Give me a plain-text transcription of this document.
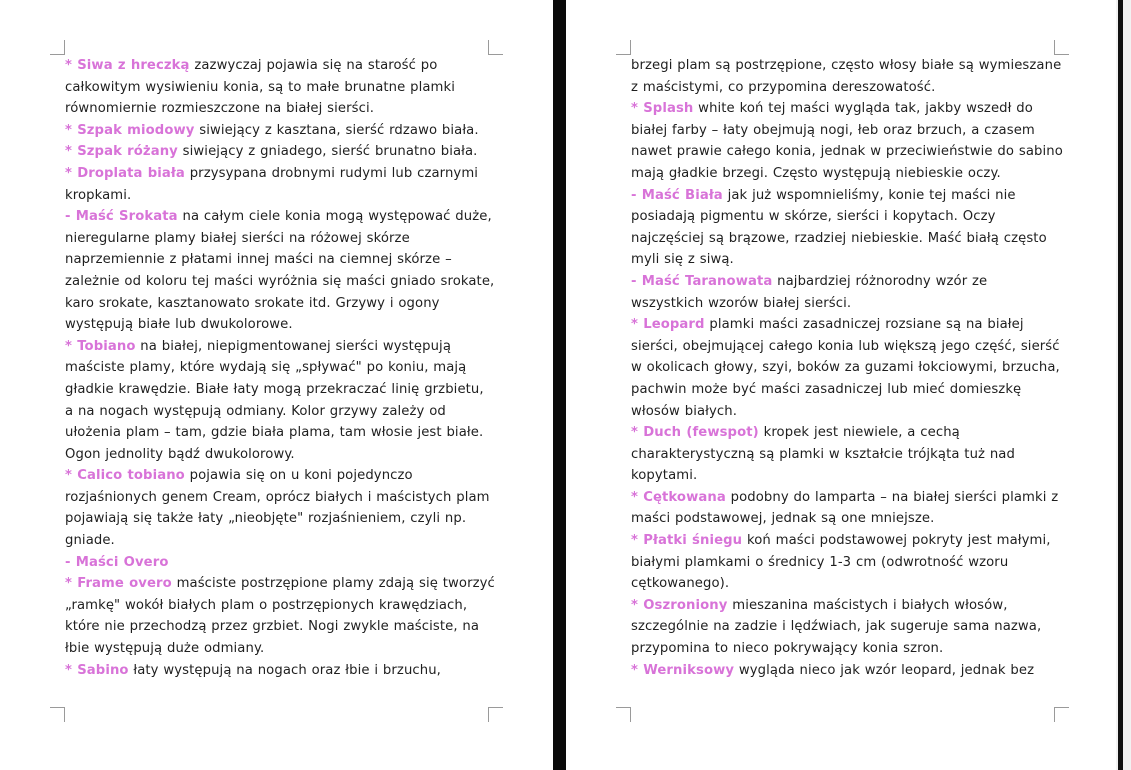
* Siwa z hreczką zazwyczaj pojawia się na starość po całkowitym wysiwieniu konia, są to małe brunatne plamki równomiernie rozmieszczone na białej sierści.

* Szpak miodowy siwiejący z kasztana, sierść rdzawo biała.

* Szpak różany siwiejący z gniadego, sierść brunatno biała.

* Droplata biała przysypana drobnymi rudymi lub czarnymi kropkami.

- Maść Srokata na całym ciele konia mogą występować duże, nieregularne plamy białej sierści na różowej skórze naprzemiennie z płatami innej maści na ciemnej skórze – zależnie od koloru tej maści wyróżnia się maści gniado srokate, karo srokate, kasztanowato srokate itd. Grzywy i ogony występują białe lub dwukolorowe.

* Tobiano na białej, niepigmentowanej sierści występują maściste plamy, które wydają się „spływać" po koniu, mają gładkie krawędzie. Białe łaty mogą przekraczać linię grzbietu, a na nogach występują odmiany. Kolor grzywy zależy od ułożenia plam – tam, gdzie biała plama, tam włosie jest białe. Ogon jednolity bądź dwukolorowy.

* Calico tobiano pojawia się on u koni pojedynczo rozjaśnionych genem Cream, oprócz białych i maścistych plam pojawiają się także łaty „nieobjęte" rozjaśnieniem, czyli np. gniade.

- Maści Overo

* Frame overo maściste postrzępione plamy zdają się tworzyć „ramkę" wokół białych plam o postrzępionych krawędziach, które nie przechodzą przez grzbiet. Nogi zwykle maściste, na łbie występują duże odmiany.

* Sabino łaty występują na nogach oraz łbie i brzuchu,

brzegi plam są postrzępione, często włosy białe są wymieszane z maścistymi, co przypomina dereszowatość.

* Splash white koń tej maści wygląda tak, jakby wszedł do białej farby – łaty obejmują nogi, łeb oraz brzuch, a czasem nawet prawie całego konia, jednak w przeciwieństwie do sabino mają gładkie brzegi. Często występują niebieskie oczy.

- Maść Biała jak już wspomnieliśmy, konie tej maści nie posiadają pigmentu w skórze, sierści i kopytach. Oczy najczęściej są brązowe, rzadziej niebieskie. Maść białą często myli się z siwą.

- Maść Taranowata najbardziej różnorodny wzór ze wszystkich wzorów białej sierści.

* Leopard plamki maści zasadniczej rozsiane są na białej sierści, obejmującej całego konia lub większą jego część, sierść w okolicach głowy, szyi, boków za guzami łokciowymi, brzucha, pachwin może być maści zasadniczej lub mieć domieszkę włosów białych.

* Duch (fewspot) kropek jest niewiele, a cechą charakterystyczną są plamki w kształcie trójkąta tuż nad kopytami.

* Cętkowana podobny do lamparta – na białej sierści plamki z maści podstawowej, jednak są one mniejsze.

* Płatki śniegu koń maści podstawowej pokryty jest małymi, białymi plamkami o średnicy 1-3 cm (odwrotność wzoru cętkowanego).

* Oszroniony mieszanina maścistych i białych włosów, szczególnie na zadzie i lędźwiach, jak sugeruje sama nazwa, przypomina to nieco pokrywający konia szron.

* Werniksowy wygląda nieco jak wzór leopard, jednak bez
